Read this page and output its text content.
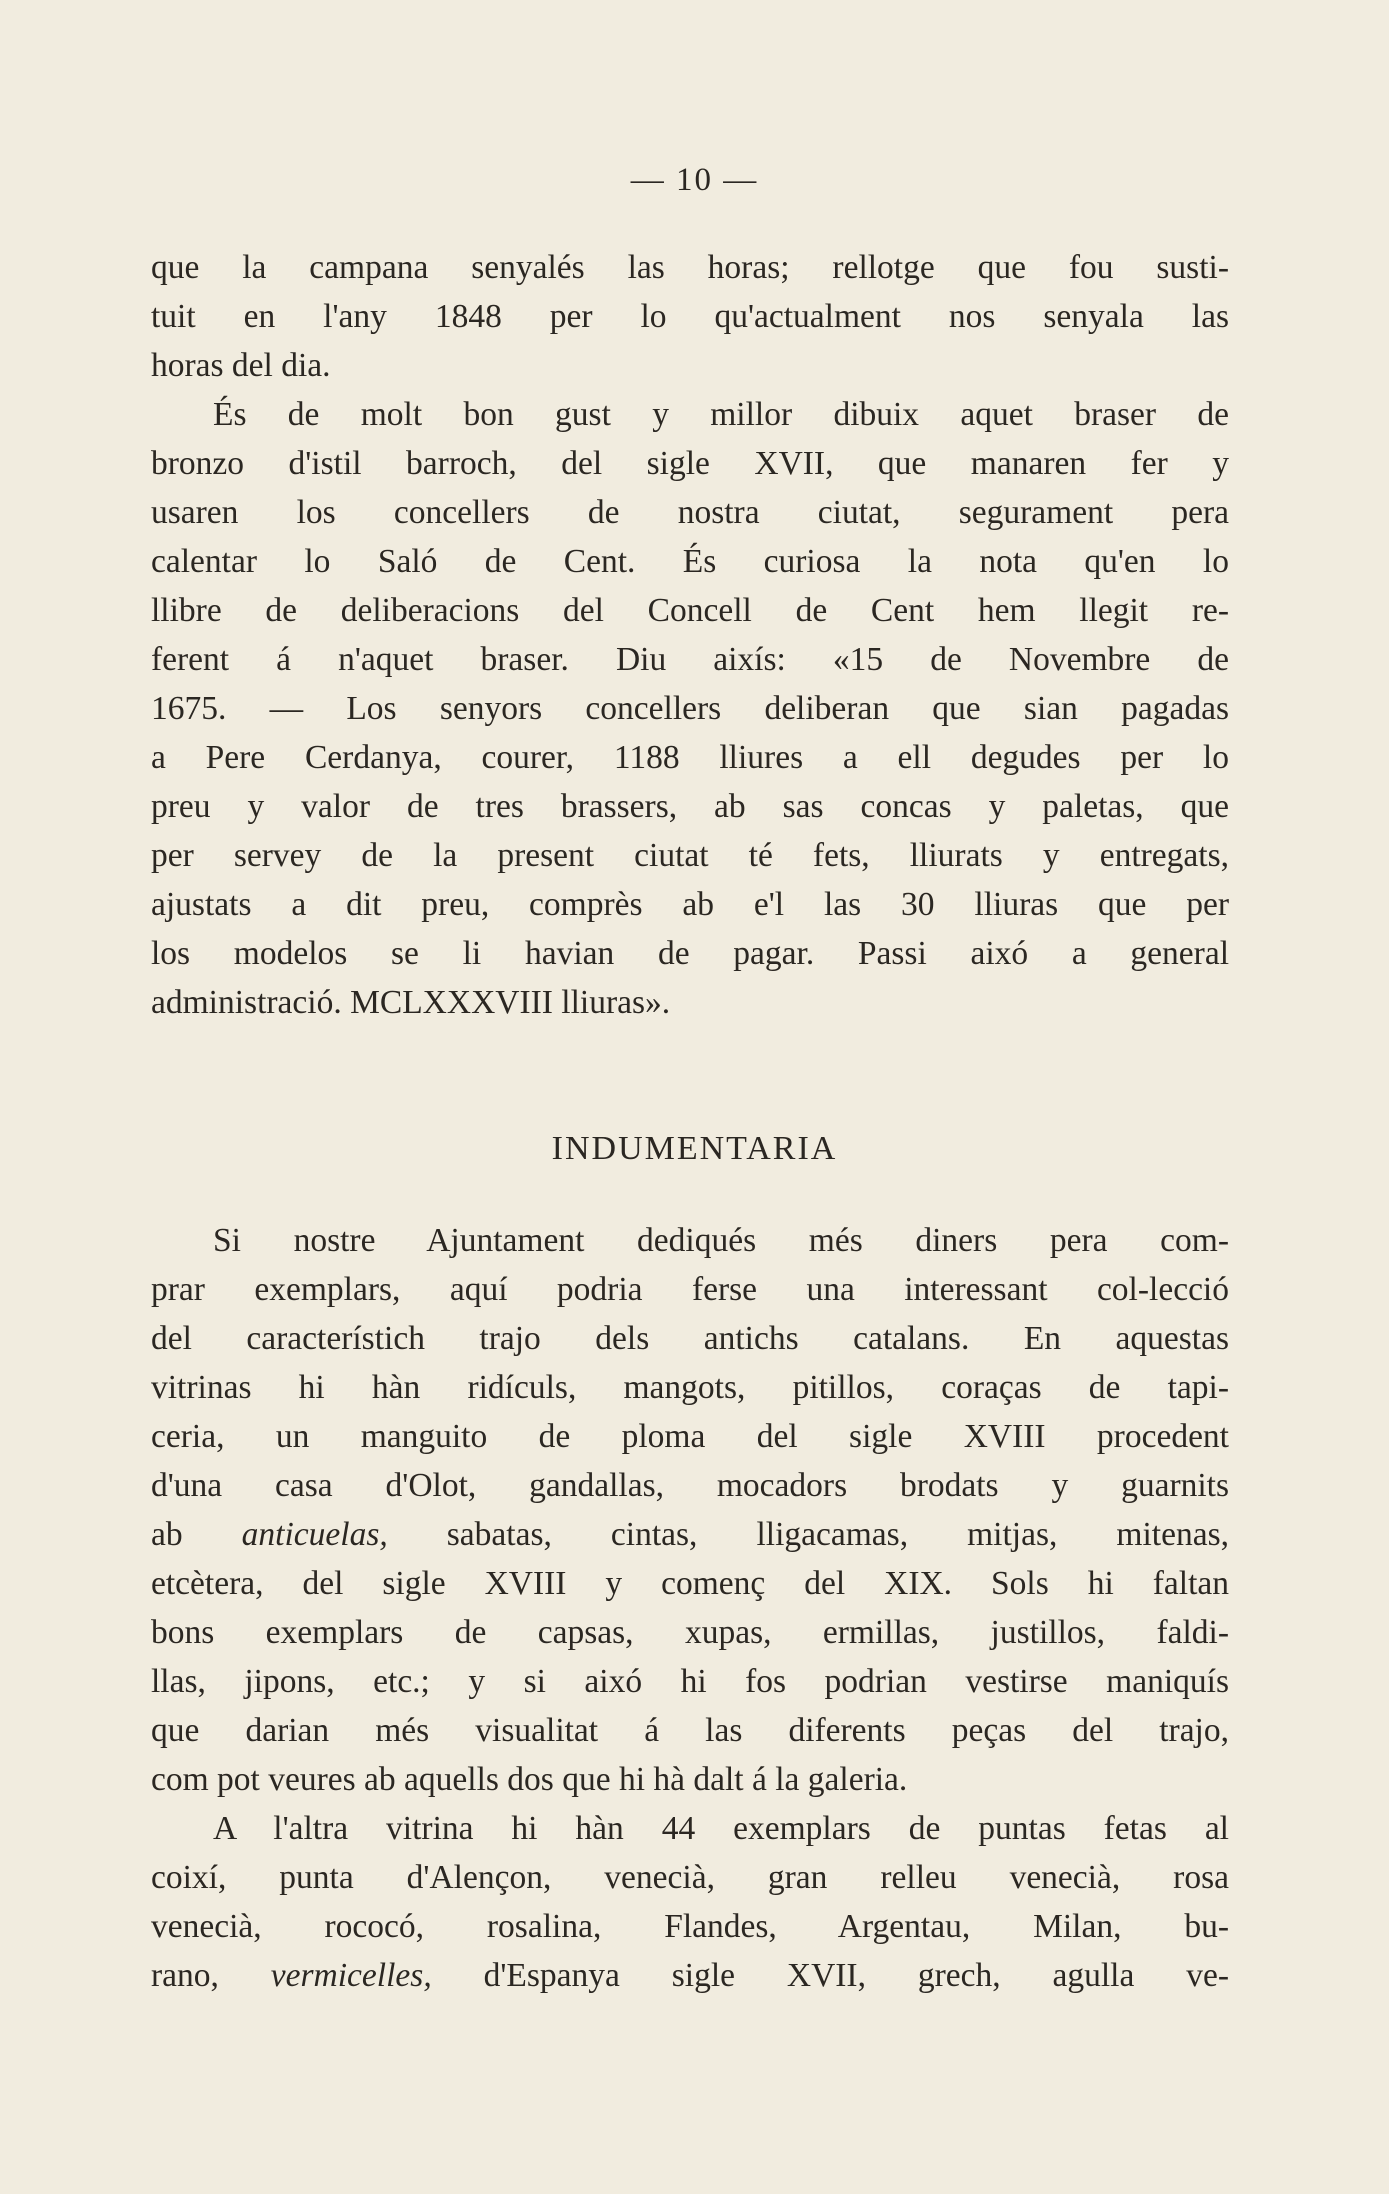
— 10 —
que la campana senyalés las horas; rellotge que fou susti-
tuit en l'any 1848 per lo qu'actualment nos senyala las
horas del dia.
És de molt bon gust y millor dibuix aquet braser de
bronzo d'istil barroch, del sigle XVII, que manaren fer y
usaren los concellers de nostra ciutat, segurament pera
calentar lo Saló de Cent. És curiosa la nota qu'en lo
llibre de deliberacions del Concell de Cent hem llegit re-
ferent á n'aquet braser. Diu aixís: «15 de Novembre de
1675. — Los senyors concellers deliberan que sian pagadas
a Pere Cerdanya, courer, 1188 lliures a ell degudes per lo
preu y valor de tres brassers, ab sas concas y paletas, que
per servey de la present ciutat té fets, lliurats y entregats,
ajustats a dit preu, comprès ab e'l las 30 lliuras que per
los modelos se li havian de pagar. Passi aixó a general
administració. MCLXXXVIII lliuras».
INDUMENTARIA
Si nostre Ajuntament dediqués més diners pera com-
prar exemplars, aquí podria ferse una interessant col-lecció
del característich trajo dels antichs catalans. En aquestas
vitrinas hi hàn ridículs, mangots, pitillos, coraças de tapi-
ceria, un manguito de ploma del sigle XVIII procedent
d'una casa d'Olot, gandallas, mocadors brodats y guarnits
ab anticuelas, sabatas, cintas, lligacamas, mitjas, mitenas,
etcètera, del sigle XVIII y començ del XIX. Sols hi faltan
bons exemplars de capsas, xupas, ermillas, justillos, faldi-
llas, jipons, etc.; y si aixó hi fos podrian vestirse maniquís
que darian més visualitat á las diferents peças del trajo,
com pot veures ab aquells dos que hi hà dalt á la galeria.
A l'altra vitrina hi hàn 44 exemplars de puntas fetas al
coixí, punta d'Alençon, venecià, gran relleu venecià, rosa
venecià, rococó, rosalina, Flandes, Argentau, Milan, bu-
rano, vermicelles, d'Espanya sigle XVII, grech, agulla ve-
